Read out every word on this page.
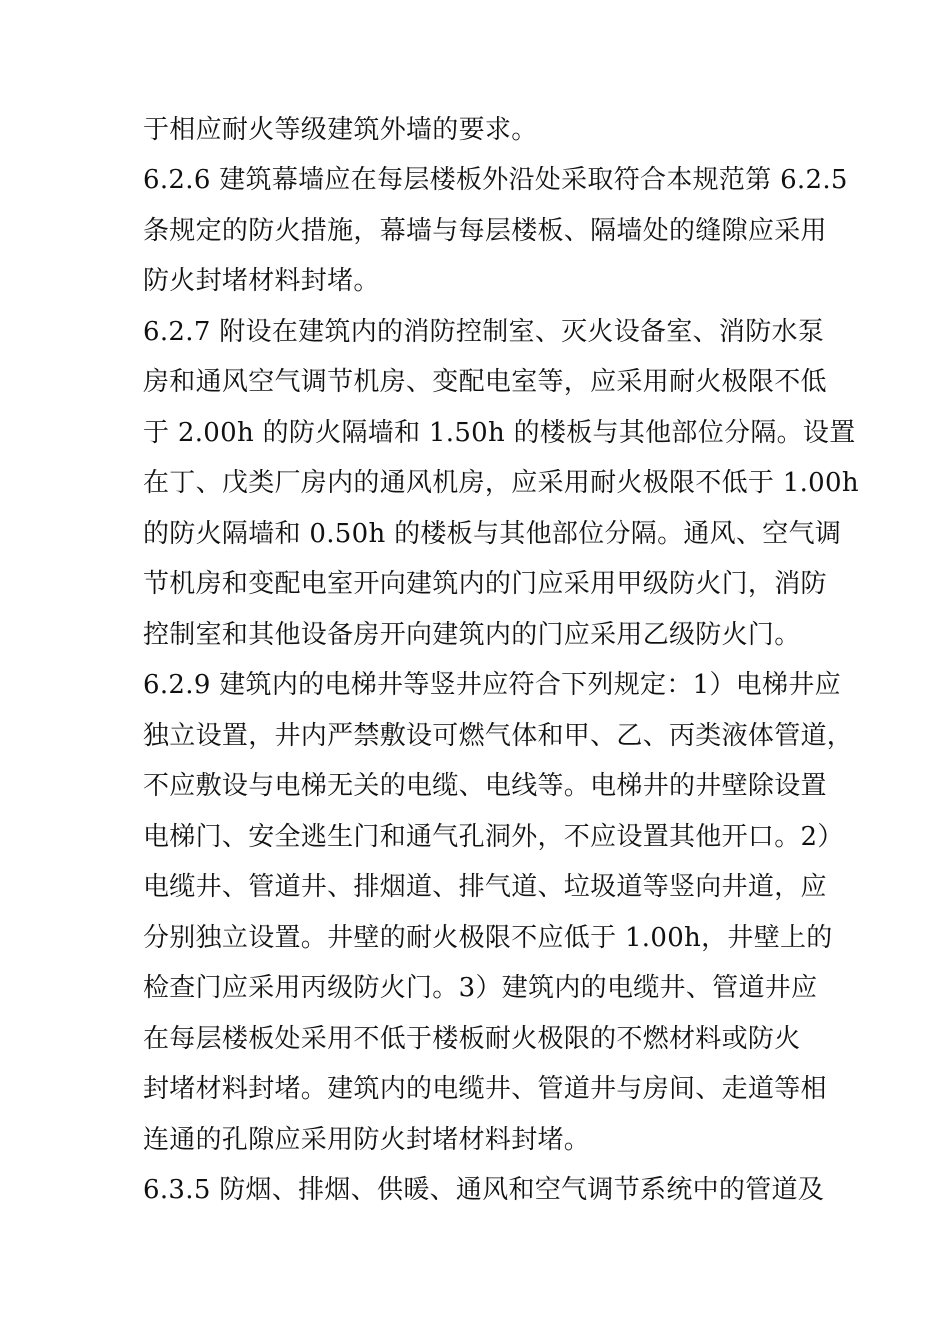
于相应耐火等级建筑外墙的要求。
6.2.6 建筑幕墙应在每层楼板外沿处采取符合本规范第 6.2.5
条规定的防火措施，幕墙与每层楼板、隔墙处的缝隙应采用
防火封堵材料封堵。
6.2.7 附设在建筑内的消防控制室、灭火设备室、消防水泵
房和通风空气调节机房、变配电室等，应采用耐火极限不低
于 2.00h 的防火隔墙和 1.50h 的楼板与其他部位分隔。设置
在丁、戊类厂房内的通风机房，应采用耐火极限不低于 1.00h
的防火隔墙和 0.50h 的楼板与其他部位分隔。通风、空气调
节机房和变配电室开向建筑内的门应采用甲级防火门，消防
控制室和其他设备房开向建筑内的门应采用乙级防火门。
6.2.9 建筑内的电梯井等竖井应符合下列规定：1）电梯井应
独立设置，井内严禁敷设可燃气体和甲、乙、丙类液体管道，
不应敷设与电梯无关的电缆、电线等。电梯井的井壁除设置
电梯门、安全逃生门和通气孔洞外，不应设置其他开口。2）
电缆井、管道井、排烟道、排气道、垃圾道等竖向井道，应
分别独立设置。井壁的耐火极限不应低于 1.00h，井壁上的
检查门应采用丙级防火门。3）建筑内的电缆井、管道井应
在每层楼板处采用不低于楼板耐火极限的不燃材料或防火
封堵材料封堵。建筑内的电缆井、管道井与房间、走道等相
连通的孔隙应采用防火封堵材料封堵。
6.3.5 防烟、排烟、供暖、通风和空气调节系统中的管道及
